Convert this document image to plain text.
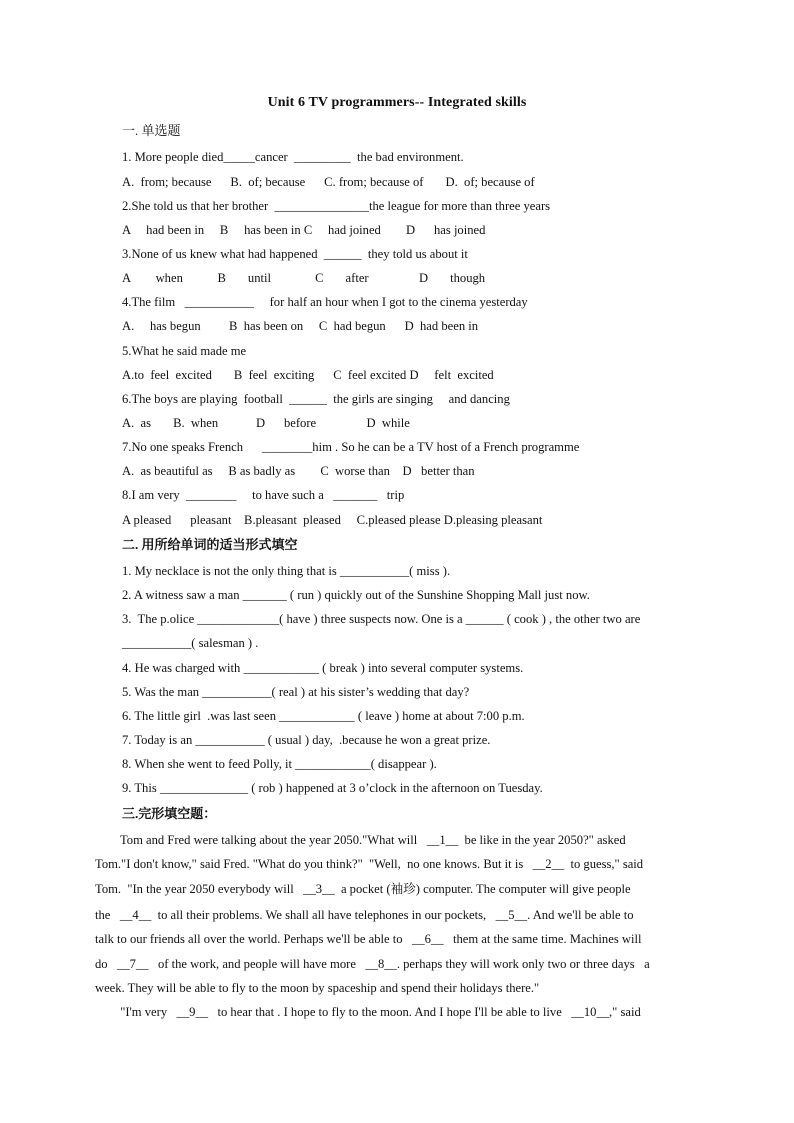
Unit 6 TV programmers-- Integrated skills
一. 单选题
1. More people died_____cancer  _________  the bad environment.
A.  from; because      B.  of; because      C. from; because of       D.  of; because of
2.She told us that her brother  _______________the league for more than three years
A     had been in     B     has been in C     had joined        D      has joined
3.None of us knew what had happened  ______  they told us about it
A        when           B       until              C       after                D       though
4.The film   ___________     for half an hour when I got to the cinema yesterday
A.     has begun         B  has been on     C  had begun      D  had been in
5.What he said made me
A.to  feel  excited       B  feel  exciting      C  feel excited D     felt  excited
6.The boys are playing  football  ______  the girls are singing     and dancing
A.  as       B.  when            D      before                D  while
7.No one speaks French      ________him . So he can be a TV host of a French programme
A.  as beautiful as     B as badly as        C  worse than    D   better than
8.I am very  ________     to have such a   _______   trip
A pleased      pleasant    B.pleasant  pleased     C.pleased please D.pleasing pleasant
二. 用所给单词的适当形式填空
1. My necklace is not the only thing that is ___________( miss ).
2. A witness saw a man _______ ( run ) quickly out of the Sunshine Shopping Mall just now.
3.  The p.olice _____________( have ) three suspects now. One is a ______ ( cook ) , the other two are
___________( salesman ) .
4. He was charged with ____________ ( break ) into several computer systems.
5. Was the man ___________( real ) at his sister’s wedding that day?
6. The little girl  .was last seen ____________ ( leave ) home at about 7:00 p.m.
7. Today is an ___________ ( usual ) day,  .because he won a great prize.
8. When she went to feed Polly, it ____________( disappear ).
9. This ______________ ( rob ) happened at 3 o’clock in the afternoon on Tuesday.
三.完形填空题：
Tom and Fred were talking about the year 2050."What will   __1__  be like in the year 2050?" asked
Tom."I don't know," said Fred. "What do you think?"  "Well,  no one knows. But it is   __2__  to guess," said
Tom.  "In the year 2050 everybody will   __3__  a pocket (袖珍) computer. The computer will give people
the   __4__  to all their problems. We shall all have telephones in our pockets,   __5__. And we'll be able to
talk to our friends all over the world. Perhaps we'll be able to   __6__   them at the same time. Machines will
do   __7__   of the work, and people will have more   __8__. perhaps they will work only two or three days   a
week. They will be able to fly to the moon by spaceship and spend their holidays there."
"I'm very   __9__   to hear that . I hope to fly to the moon. And I hope I'll be able to live   __10__," said
